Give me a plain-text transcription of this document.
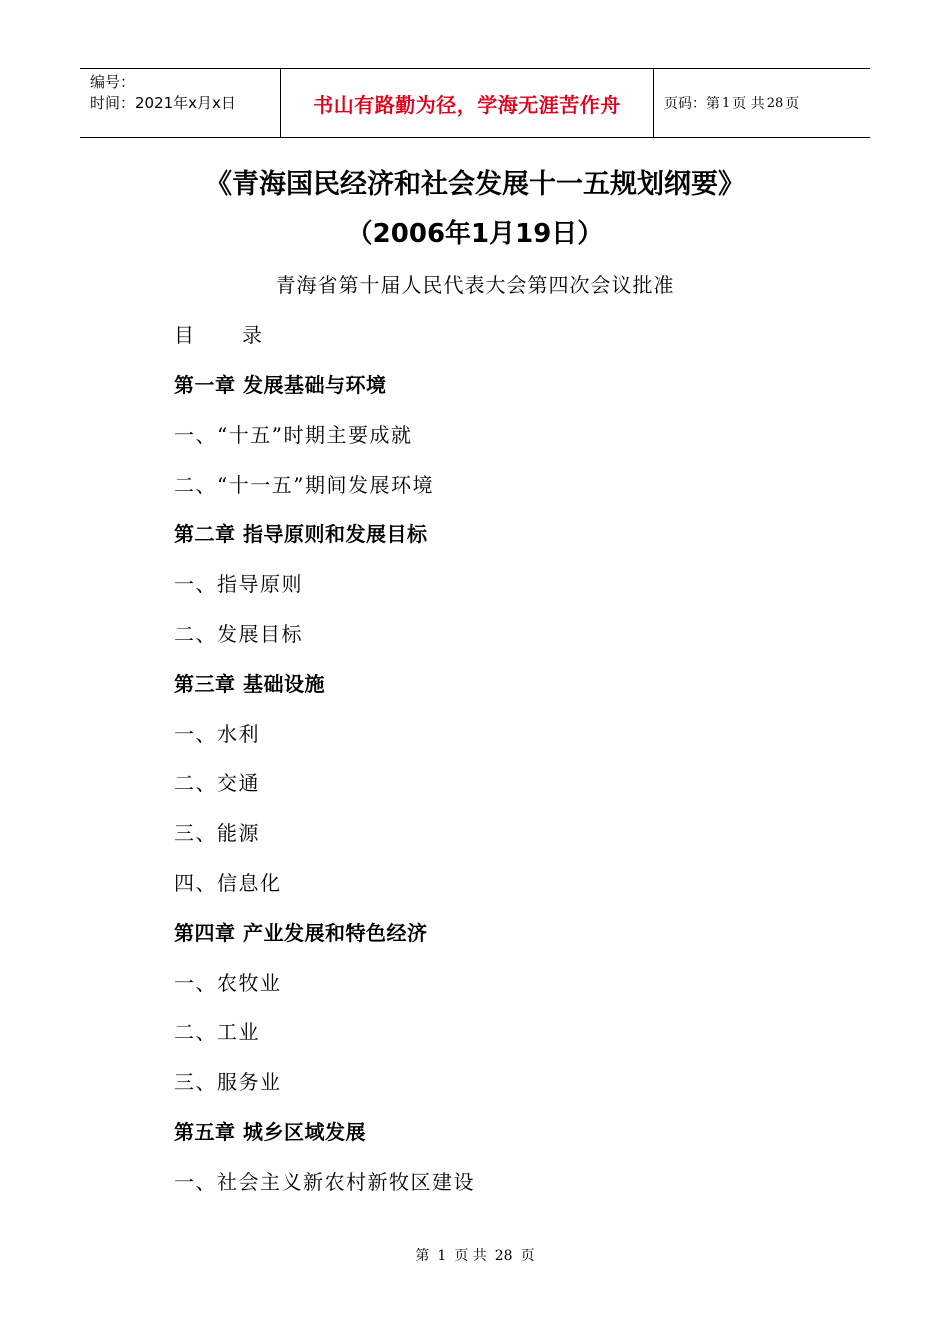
编号：
时间：2021年x月x日	书山有路勤为径，学海无涯苦作舟	页码：第 1 页 共 28 页
《青海国民经济和社会发展十一五规划纲要》
（2006年1月19日）
青海省第十届人民代表大会第四次会议批准
目 录
第一章 发展基础与环境
一、“十五”时期主要成就
二、“十一五”期间发展环境
第二章 指导原则和发展目标
一、指导原则
二、发展目标
第三章 基础设施
一、水利
二、交通
三、能源
四、信息化
第四章 产业发展和特色经济
一、农牧业
二、工业
三、服务业
第五章 城乡区域发展
一、社会主义新农村新牧区建设
第 1 页 共 28 页
